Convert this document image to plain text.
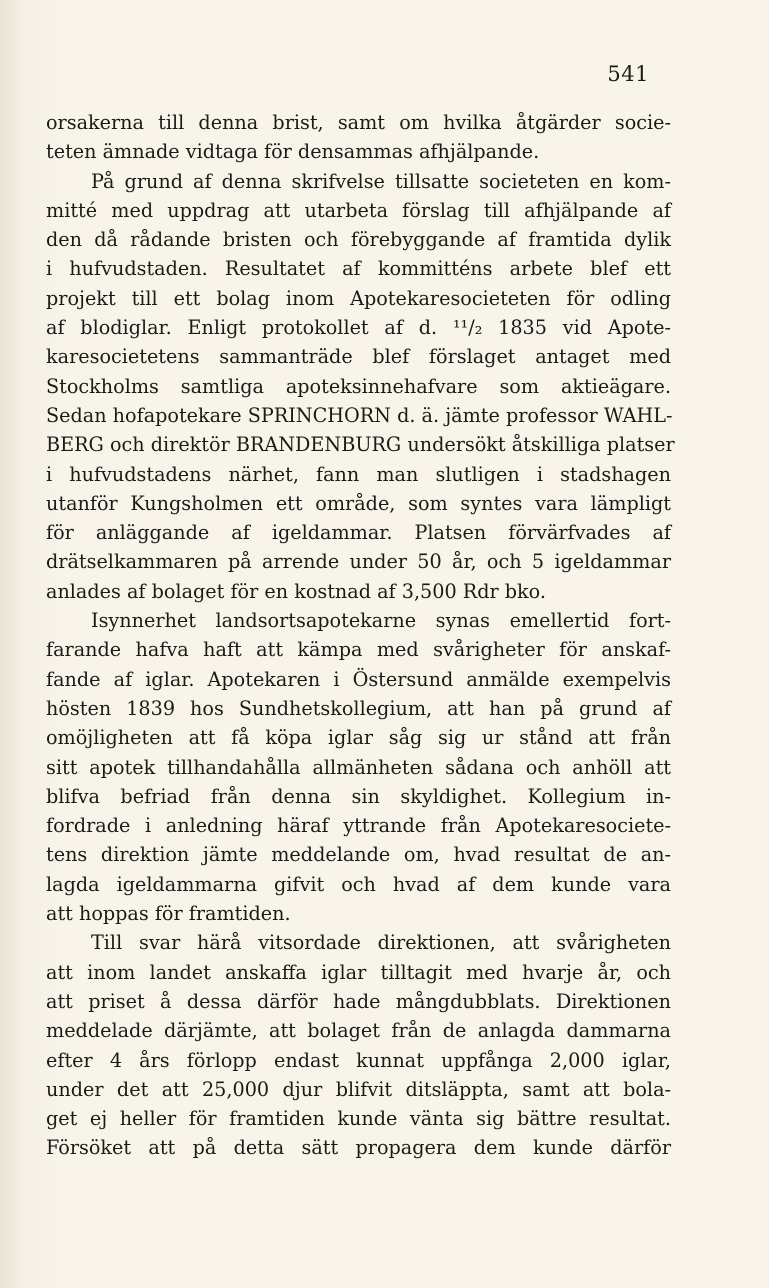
541
orsakerna till denna brist, samt om hvilka åtgärder socie-
teten ämnade vidtaga för densammas afhjälpande.
På grund af denna skrifvelse tillsatte societeten en kom-
mitté med uppdrag att utarbeta förslag till afhjälpande af
den då rådande bristen och förebyggande af framtida dylik
i hufvudstaden. Resultatet af kommitténs arbete blef ett
projekt till ett bolag inom Apotekaresocieteten för odling
af blodiglar. Enligt protokollet af d. ¹¹/₂ 1835 vid Apote-
karesocietetens sammanträde blef förslaget antaget med
Stockholms samtliga apoteksinnehafvare som aktieägare.
Sedan hofapotekare SPRINCHORN d. ä. jämte professor WAHL-
BERG och direktör BRANDENBURG undersökt åtskilliga platser
i hufvudstadens närhet, fann man slutligen i stadshagen
utanför Kungsholmen ett område, som syntes vara lämpligt
för anläggande af igeldammar. Platsen förvärfvades af
drätselkammaren på arrende under 50 år, och 5 igeldammar
anlades af bolaget för en kostnad af 3,500 Rdr bko.
Isynnerhet landsortsapotekarne synas emellertid fort-
farande hafva haft att kämpa med svårigheter för anskaf-
fande af iglar. Apotekaren i Östersund anmälde exempelvis
hösten 1839 hos Sundhetskollegium, att han på grund af
omöjligheten att få köpa iglar såg sig ur stånd att från
sitt apotek tillhandahålla allmänheten sådana och anhöll att
blifva befriad från denna sin skyldighet. Kollegium in-
fordrade i anledning häraf yttrande från Apotekaresociete-
tens direktion jämte meddelande om, hvad resultat de an-
lagda igeldammarna gifvit och hvad af dem kunde vara
att hoppas för framtiden.
Till svar härå vitsordade direktionen, att svårigheten
att inom landet anskaffa iglar tilltagit med hvarje år, och
att priset å dessa därför hade mångdubblats. Direktionen
meddelade därjämte, att bolaget från de anlagda dammarna
efter 4 års förlopp endast kunnat uppfånga 2,000 iglar,
under det att 25,000 djur blifvit ditsläppta, samt att bola-
get ej heller för framtiden kunde vänta sig bättre resultat.
Försöket att på detta sätt propagera dem kunde därför
